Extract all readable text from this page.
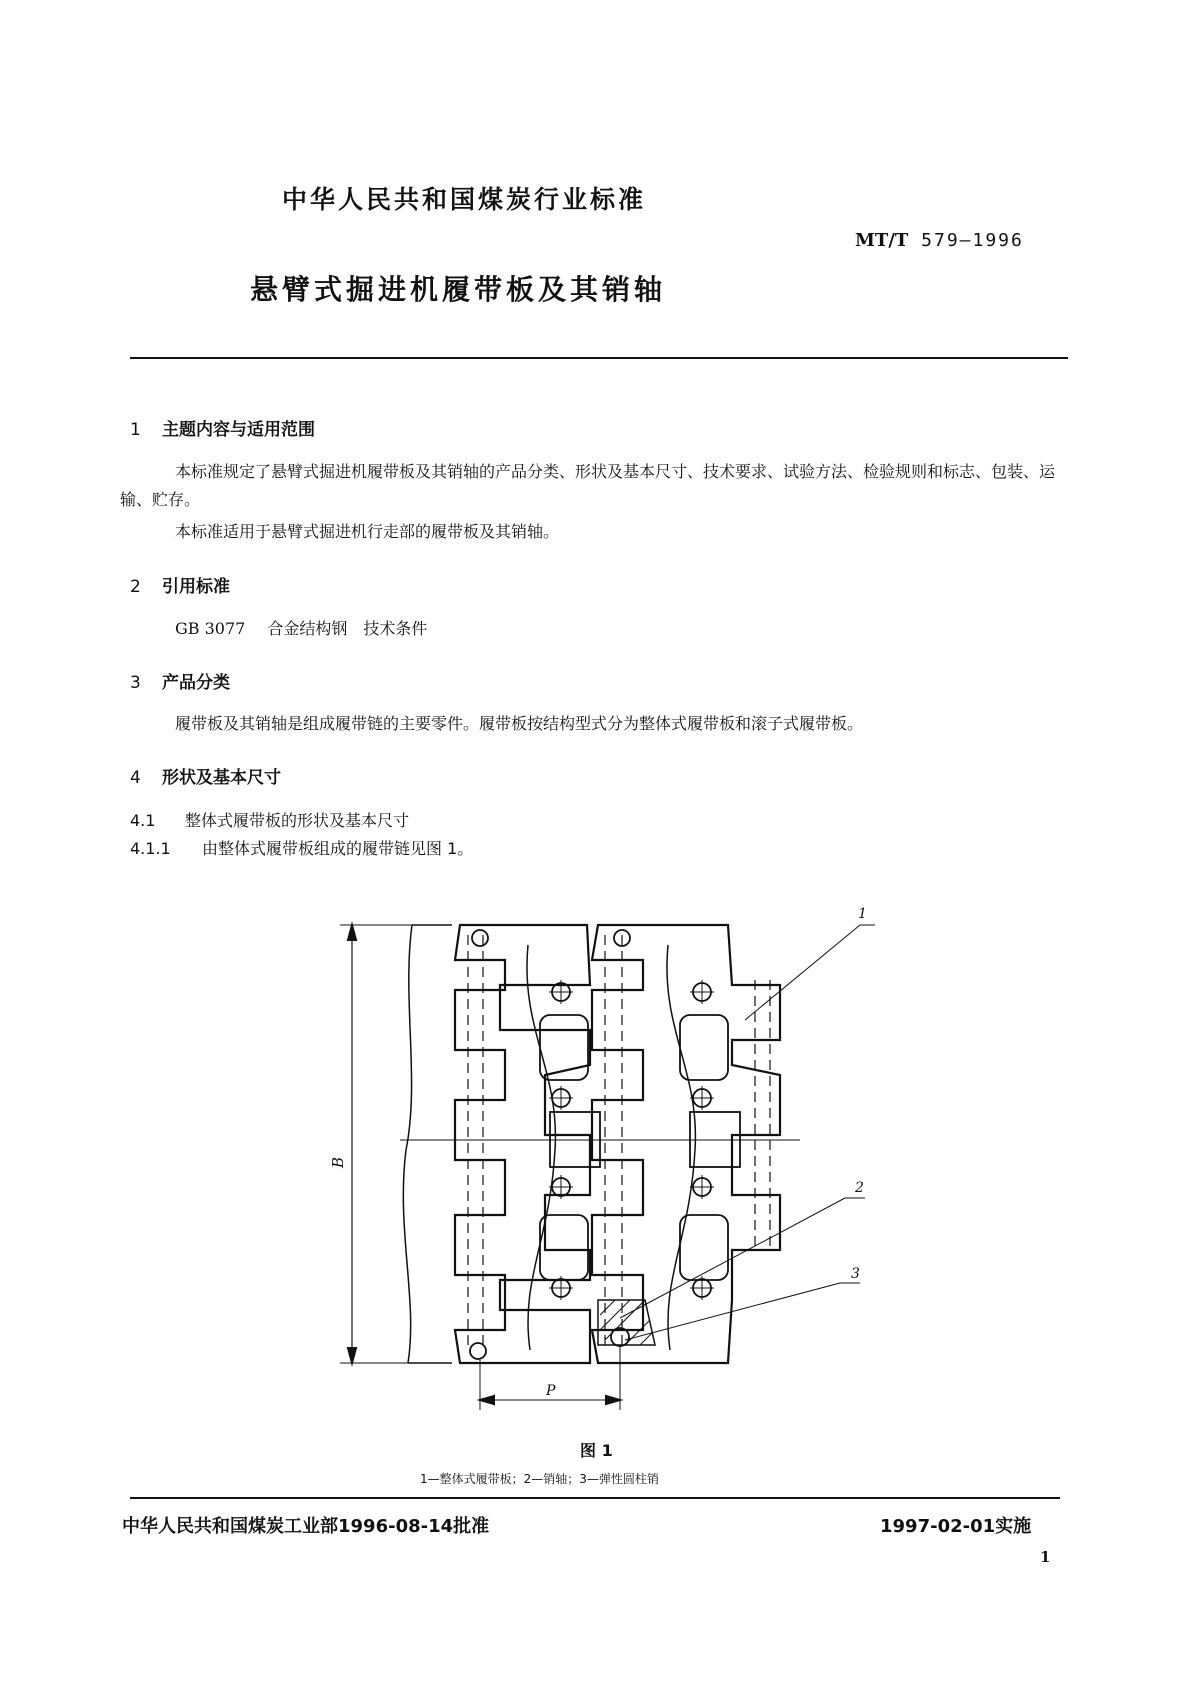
中华人民共和国煤炭行业标准
MT/T 579—1996
悬臂式掘进机履带板及其销轴
1 主题内容与适用范围
本标准规定了悬臂式掘进机履带板及其销轴的产品分类、形状及基本尺寸、技术要求、试验方法、检验规则和标志、包装、运输、贮存。
本标准适用于悬臂式掘进机行走部的履带板及其销轴。
2 引用标准
GB 3077 合金结构钢　技术条件
3 产品分类
履带板及其销轴是组成履带链的主要零件。履带板按结构型式分为整体式履带板和滚子式履带板。
4 形状及基本尺寸
4.1 整体式履带板的形状及基本尺寸
4.1.1 由整体式履带板组成的履带链见图 1。
1
2
3
B
P
图 1
1—整体式履带板；2—销轴；3—弹性圆柱销
中华人民共和国煤炭工业部1996-08-14批准	1997-02-01实施
1
